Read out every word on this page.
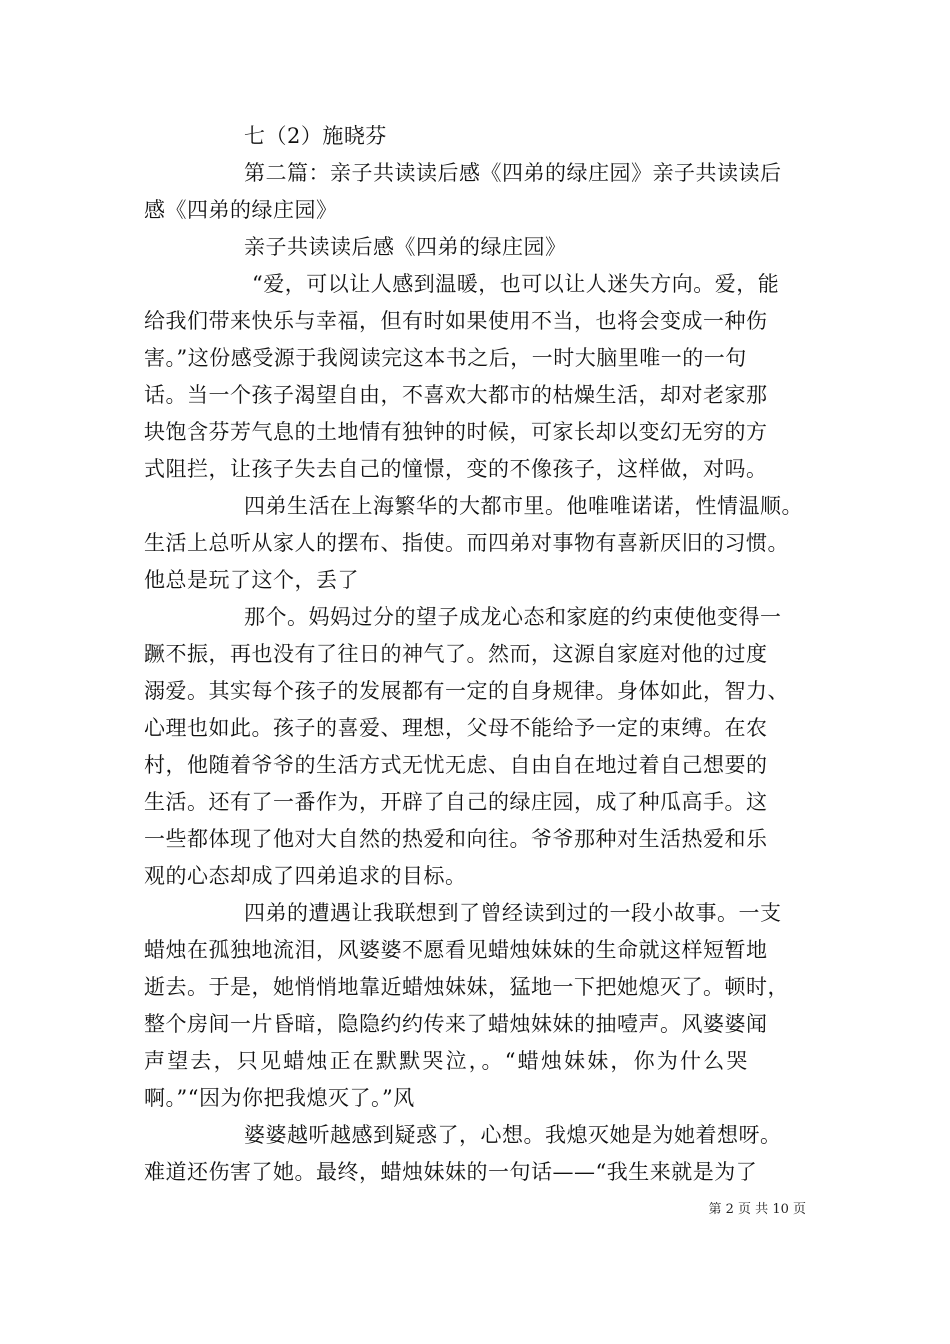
七（2）施晓芬
第二篇：亲子共读读后感《四弟的绿庄园》亲子共读读后
感《四弟的绿庄园》
亲子共读读后感《四弟的绿庄园》
“爱，可以让人感到温暖，也可以让人迷失方向。爱，能
给我们带来快乐与幸福，但有时如果使用不当，也将会变成一种伤
害。”这份感受源于我阅读完这本书之后，一时大脑里唯一的一句
话。当一个孩子渴望自由，不喜欢大都市的枯燥生活，却对老家那
块饱含芬芳气息的土地情有独钟的时候，可家长却以变幻无穷的方
式阻拦，让孩子失去自己的憧憬，变的不像孩子，这样做，对吗。
四弟生活在上海繁华的大都市里。他唯唯诺诺，性情温顺。
生活上总听从家人的摆布、指使。而四弟对事物有喜新厌旧的习惯。
他总是玩了这个，丢了
那个。妈妈过分的望子成龙心态和家庭的约束使他变得一
蹶不振，再也没有了往日的神气了。然而，这源自家庭对他的过度
溺爱。其实每个孩子的发展都有一定的自身规律。身体如此，智力、
心理也如此。孩子的喜爱、理想，父母不能给予一定的束缚。在农
村，他随着爷爷的生活方式无忧无虑、自由自在地过着自己想要的
生活。还有了一番作为，开辟了自己的绿庄园，成了种瓜高手。这
一些都体现了他对大自然的热爱和向往。爷爷那种对生活热爱和乐
观的心态却成了四弟追求的目标。
四弟的遭遇让我联想到了曾经读到过的一段小故事。一支
蜡烛在孤独地流泪，风婆婆不愿看见蜡烛妹妹的生命就这样短暂地
逝去。于是，她悄悄地靠近蜡烛妹妹，猛地一下把她熄灭了。顿时，
整个房间一片昏暗，隐隐约约传来了蜡烛妹妹的抽噎声。风婆婆闻
声望去，只见蜡烛正在默默哭泣，。“蜡烛妹妹，你为什么哭
啊。”“因为你把我熄灭了。”风
婆婆越听越感到疑惑了，心想。我熄灭她是为她着想呀。
难道还伤害了她。最终，蜡烛妹妹的一句话——“我生来就是为了
第 2 页 共 10 页
